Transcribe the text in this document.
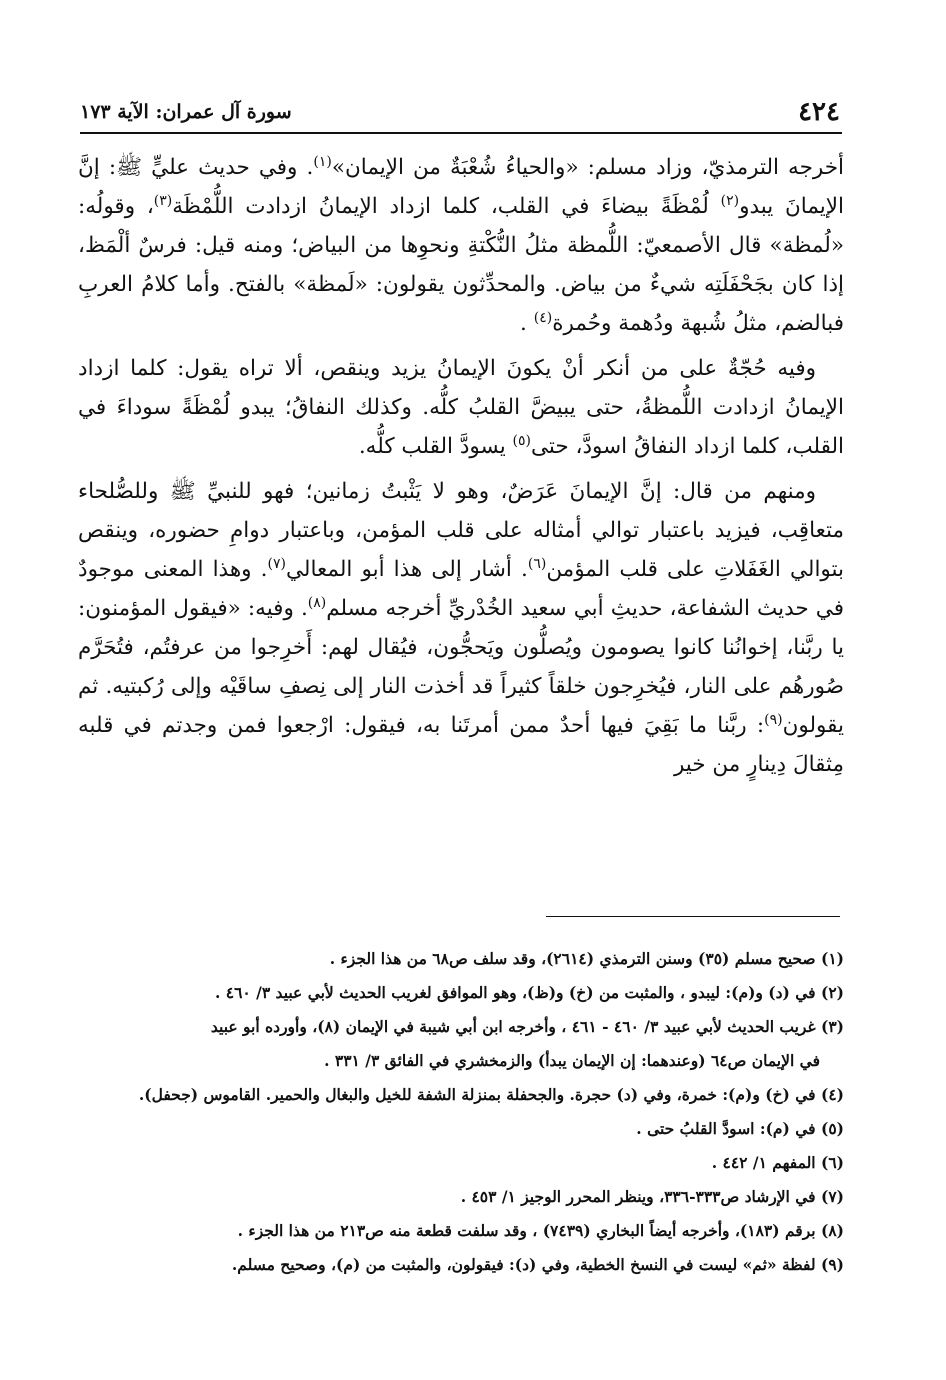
٤٢٤
سورة آل عمران: الآية ١٧٣

أخرجه الترمذيّ، وزاد مسلم: «والحياءُ شُعْبَةٌ من الإيمان»$^{(١)}$. وفي حديث عليٍّ ﷺ: إنَّ الإيمانَ يبدو$^{(٢)}$ لُمْظَةً بيضاءَ في القلب، كلما ازداد الإيمانُ ازدادت اللُّمْظَة$^{(٣)}$، وقولُه: «لُمظة» قال الأصمعيّ: اللُّمظة مثلُ النُّكْتةِ ونحوِها من البياض؛ ومنه قيل: فرسٌ ألْمَظ، إذا كان بجَحْفَلَتِه شيءٌ من بياض. والمحدِّثون يقولون: «لَمظة» بالفتح. وأما كلامُ العربِ فبالضم، مثلُ شُبهة ودُهمة وحُمرة$^{(٤)}$ .

وفيه حُجّةٌ على من أنكر أنْ يكونَ الإيمانُ يزيد وينقص، ألا تراه يقول: كلما ازداد الإيمانُ ازدادت اللُّمظةُ، حتى يبيضَّ القلبُ كلُّه. وكذلك النفاقُ؛ يبدو لُمْظَةً سوداءَ في القلب، كلما ازداد النفاقُ اسودَّ، حتى$^{(٥)}$ يسودَّ القلب كلُّه.

ومنهم من قال: إنَّ الإيمانَ عَرَضٌ، وهو لا يَثْبتُ زمانين؛ فهو للنبيِّ ﷺ وللصُّلحاء متعاقِب، فيزيد باعتبار توالي أمثاله على قلب المؤمن، وباعتبار دوامِ حضوره، وينقص بتوالي الغَفَلاتِ على قلب المؤمن$^{(٦)}$. أشار إلى هذا أبو المعالي$^{(٧)}$. وهذا المعنى موجودٌ في حديث الشفاعة، حديثِ أبي سعيد الخُدْريِّ أخرجه مسلم$^{(٨)}$. وفيه: «فيقول المؤمنون: يا ربَّنا، إخوانُنا كانوا يصومون ويُصلُّون ويَحجُّون، فيُقال لهم: أَخرِجوا من عرفتُم، فتُحَرَّم صُورهُم على النار، فيُخرِجون خلقاً كثيراً قد أخذت النار إلى نِصفِ ساقَيْه وإلى رُكبتيه. ثم يقولون$^{(٩)}$: ربَّنا ما بَقِيَ فيها أحدٌ ممن أمرتَنا به، فيقول: ارْجعوا فمن وجدتم في قلبه مِثقالَ دِينارٍ من خير

(١) صحيح مسلم (٣٥) وسنن الترمذي (٢٦١٤)، وقد سلف ص٦٨ من هذا الجزء .

(٢) في (د) و(م): ليبدو ، والمثبت من (خ) و(ظ)، وهو الموافق لغريب الحديث لأبي عبيد ٣/ ٤٦٠ .

(٣) غريب الحديث لأبي عبيد ٣/ ٤٦٠ - ٤٦١ ، وأخرجه ابن أبي شيبة في الإيمان (٨)، وأورده أبو عبيد

في الإيمان ص٦٤ (وعندهما: إن الإيمان يبدأ) والزمخشري في الفائق ٣/ ٣٣١ .

(٤) في (خ) و(م): خمرة، وفي (د) حجرة. والجحفلة بمنزلة الشفة للخيل والبغال والحمير. القاموس (جحفل).

(٥) في (م): اسودَّ القلبُ حتى .

(٦) المفهم ١/ ٤٤٢ .

(٧) في الإرشاد ص٣٣٣-٣٣٦، وينظر المحرر الوجيز ١/ ٤٥٣ .

(٨) برقم (١٨٣)، وأخرجه أيضاً البخاري (٧٤٣٩) ، وقد سلفت قطعة منه ص٢١٣ من هذا الجزء .

(٩) لفظة «ثم» ليست في النسخ الخطية، وفي (د): فيقولون، والمثبت من (م)، وصحيح مسلم.
